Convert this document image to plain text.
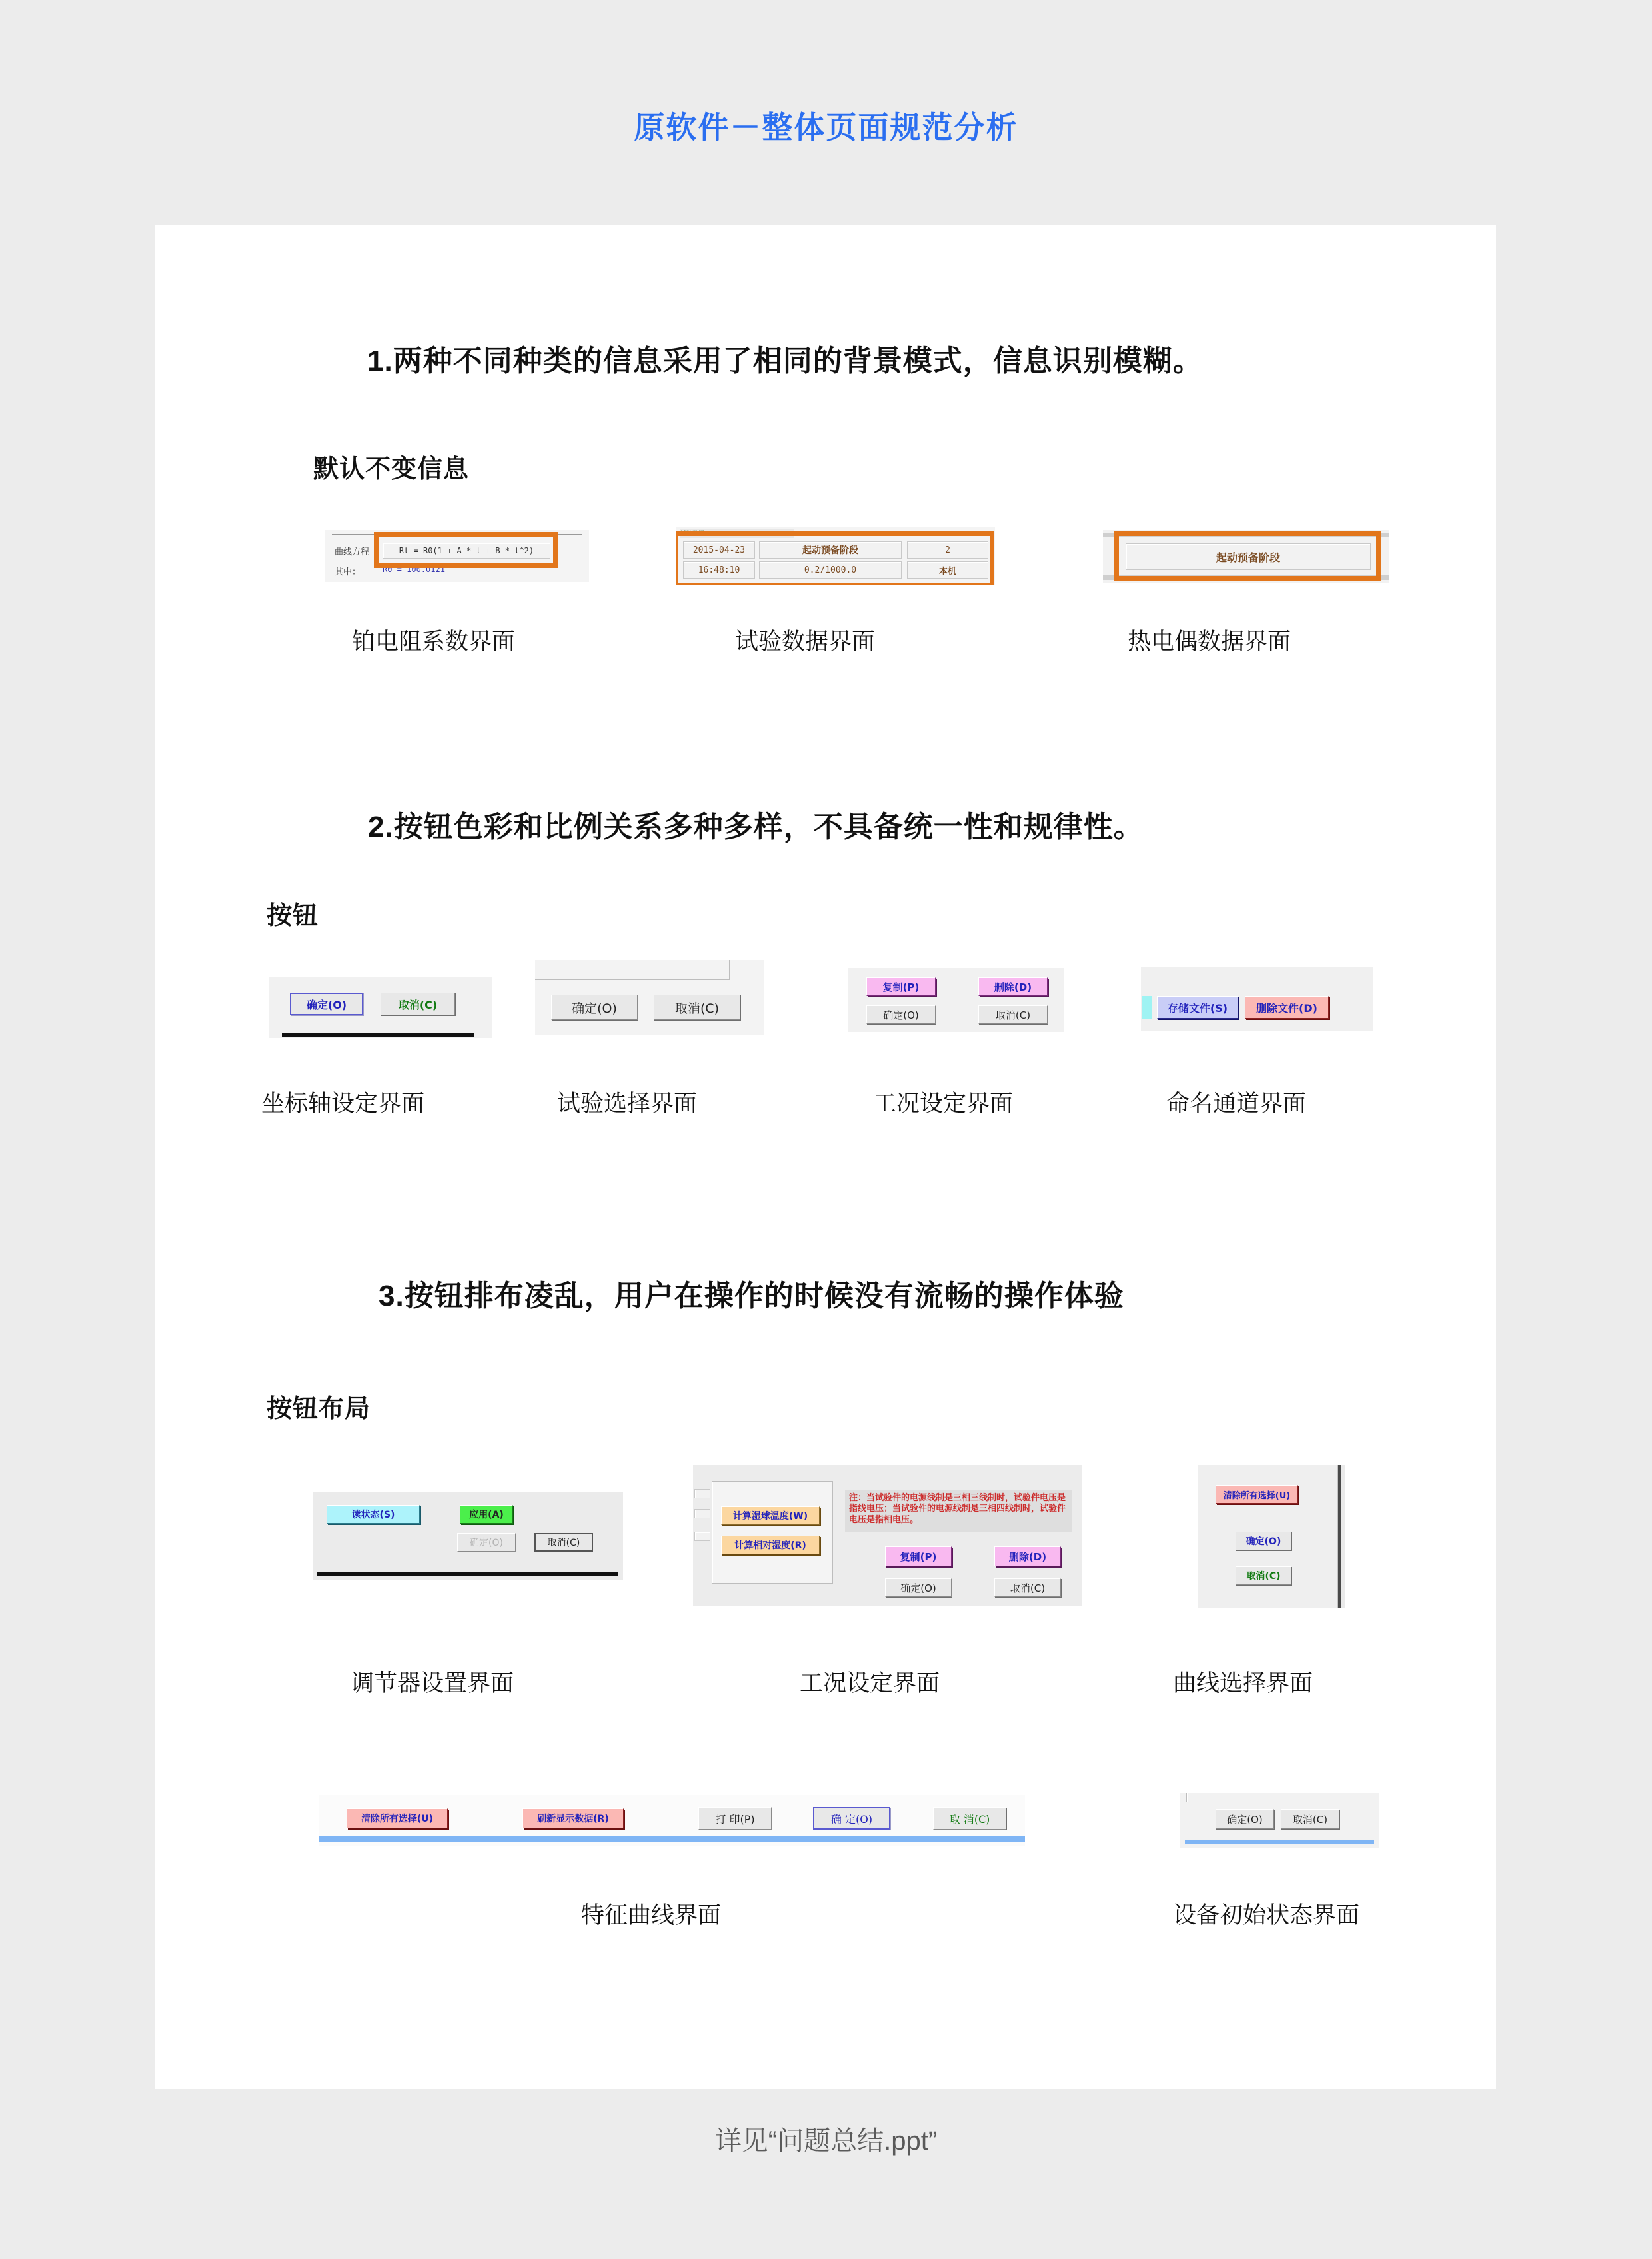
原软件－整体页面规范分析
1.两种不同种类的信息采用了相同的背景模式，信息识别模糊。
默认不变信息
曲线方程	Rt = R0(1 + A * t + B * t^2)
其中：	R0 = 100.0121
试验数据 F/1 F2
2015-04-23	起动预备阶段	2
16:48:10	0.2/1000.0	本机
起动预备阶段
铂电阻系数界面	试验数据界面	热电偶数据界面
2.按钮色彩和比例关系多种多样，不具备统一性和规律性。
按钮
确定(O)	取消(C)	确定(O)	取消(C)
复制(P)	删除(D)
确定(O)	取消(C)
存储文件(S)	删除文件(D)
坐标轴设定界面	试验选择界面	工况设定界面	命名通道界面
3.按钮排布凌乱，用户在操作的时候没有流畅的操作体验
按钮布局
读状态(S)	应用(A)
确定(O)	取消(C)
计算湿球温度(W)
计算相对湿度(R)
注：当试验件的电源线制是三相三线制时，试验件电压是指线电压；当试验件的电源线制是三相四线制时，试验件电压是指相电压。
复制(P)	删除(D)
确定(O)	取消(C)
清除所有选择(U)
确定(O)
取消(C)
调节器设置界面	工况设定界面	曲线选择界面
清除所有选择(U)	刷新显示数据(R)	打 印(P)	确 定(O)	取 消(C)	确定(O)	取消(C)
特征曲线界面	设备初始状态界面
详见“问题总结.ppt”
